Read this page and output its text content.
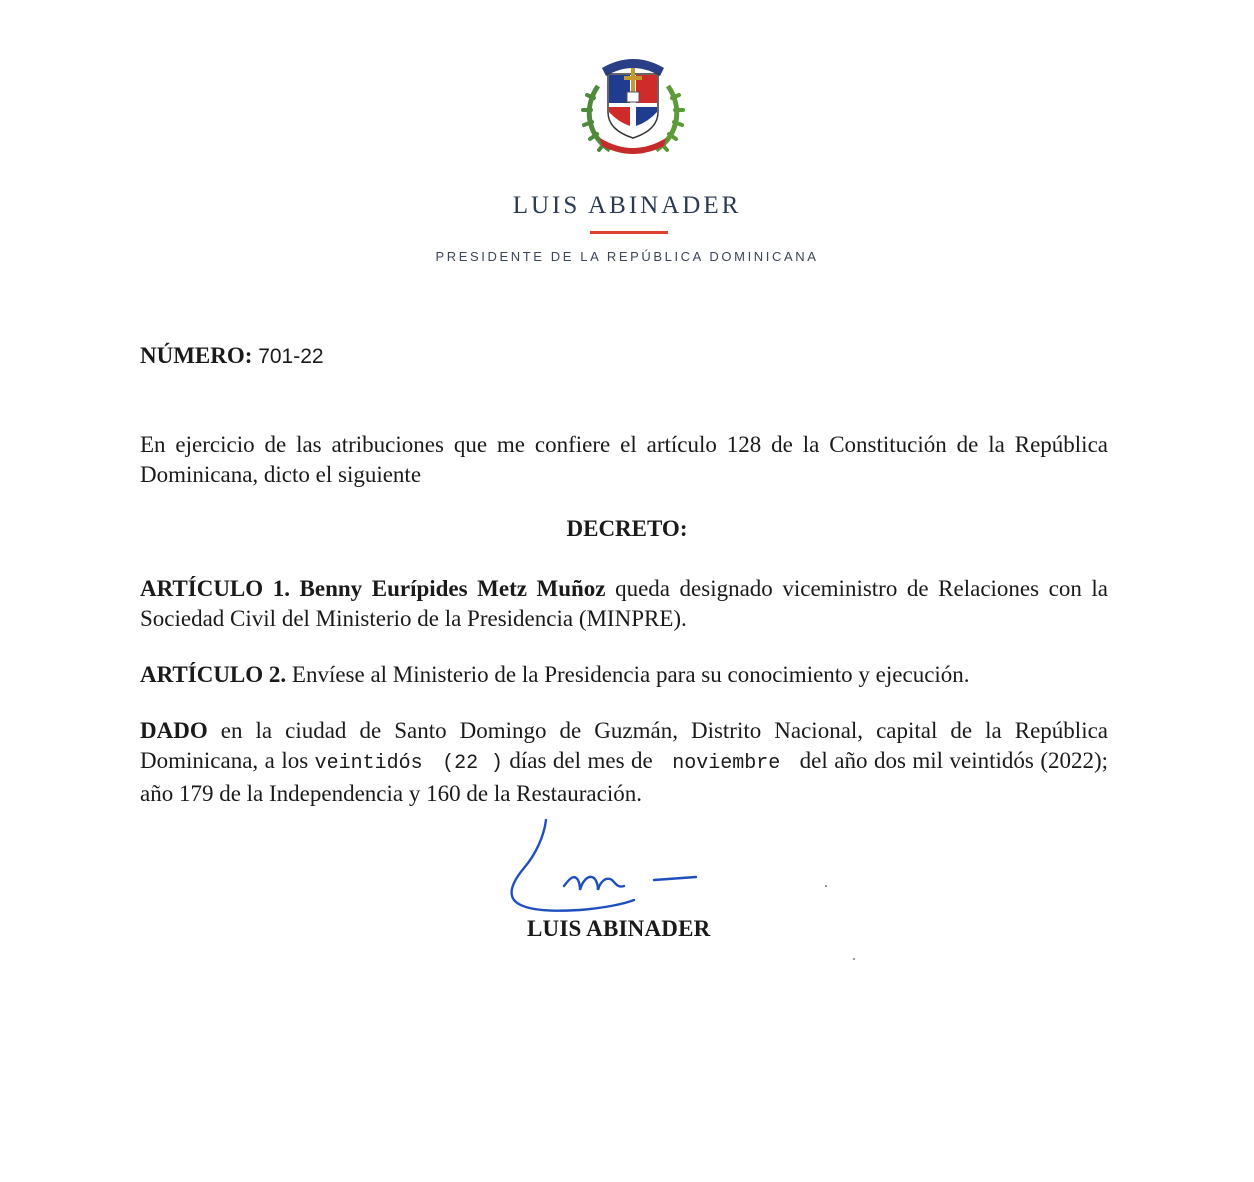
LUIS ABINADER
PRESIDENTE DE LA REPÚBLICA DOMINICANA
NÚMERO: 701-22
En ejercicio de las atribuciones que me confiere el artículo 128 de la Constitución de la República Dominicana, dicto el siguiente
DECRETO:
ARTÍCULO 1. Benny Eurípides Metz Muñoz queda designado viceministro de Relaciones con la Sociedad Civil del Ministerio de la Presidencia (MINPRE).
ARTÍCULO 2. Envíese al Ministerio de la Presidencia para su conocimiento y ejecución.
DADO en la ciudad de Santo Domingo de Guzmán, Distrito Nacional, capital de la República Dominicana, a los veintidós (22 ) días del mes de noviembre del año dos mil veintidós (2022); año 179 de la Independencia y 160 de la Restauración.
LUIS ABINADER
